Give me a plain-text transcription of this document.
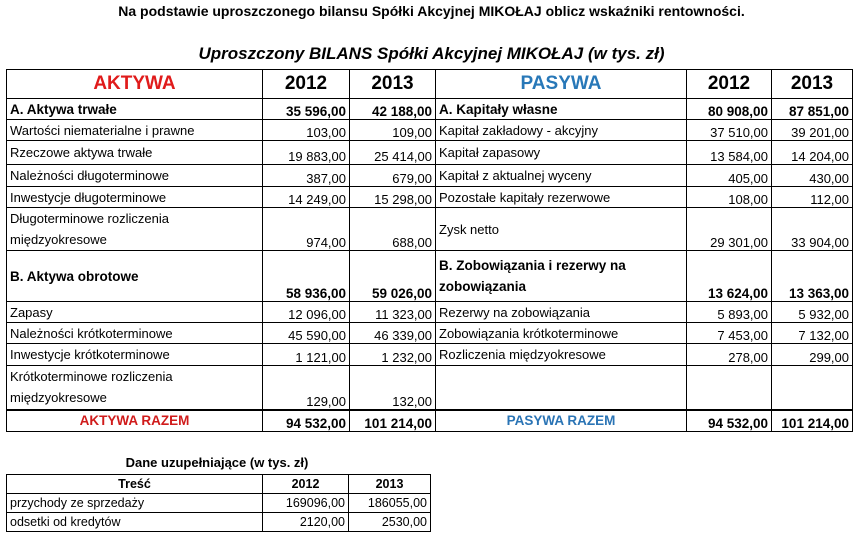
Na podstawie uproszczonego bilansu Spółki Akcyjnej MIKOŁAJ oblicz wskaźniki rentowności.
Uproszczony BILANS Spółki Akcyjnej MIKOŁAJ (w tys. zł)
AKTYWA	2012	2013	PASYWA	2012	2013
A. Aktywa trwałe	35 596,00	42 188,00	A. Kapitały własne	80 908,00	87 851,00
Wartości niematerialne i prawne	103,00	109,00	Kapitał zakładowy - akcyjny	37 510,00	39 201,00
Rzeczowe aktywa trwałe	19 883,00	25 414,00	Kapitał zapasowy	13 584,00	14 204,00
Należności długoterminowe	387,00	679,00	Kapitał z aktualnej wyceny	405,00	430,00
Inwestycje długoterminowe	14 249,00	15 298,00	Pozostałe kapitały rezerwowe	108,00	112,00
Długoterminowe rozliczenia międzyokresowe	974,00	688,00	Zysk netto	29 301,00	33 904,00
B. Aktywa obrotowe	58 936,00	59 026,00	B. Zobowiązania i rezerwy na zobowiązania	13 624,00	13 363,00
Zapasy	12 096,00	11 323,00	Rezerwy na zobowiązania	5 893,00	5 932,00
Należności krótkoterminowe	45 590,00	46 339,00	Zobowiązania krótkoterminowe	7 453,00	7 132,00
Inwestycje krótkoterminowe	1 121,00	1 232,00	Rozliczenia międzyokresowe	278,00	299,00
Krótkoterminowe rozliczenia międzyokresowe	129,00	132,00			
AKTYWA RAZEM	94 532,00	101 214,00	PASYWA RAZEM	94 532,00	101 214,00
Dane uzupełniające (w tys. zł)
Treść	2012	2013
przychody ze sprzedaży	169096,00	186055,00
odsetki od kredytów	2120,00	2530,00
